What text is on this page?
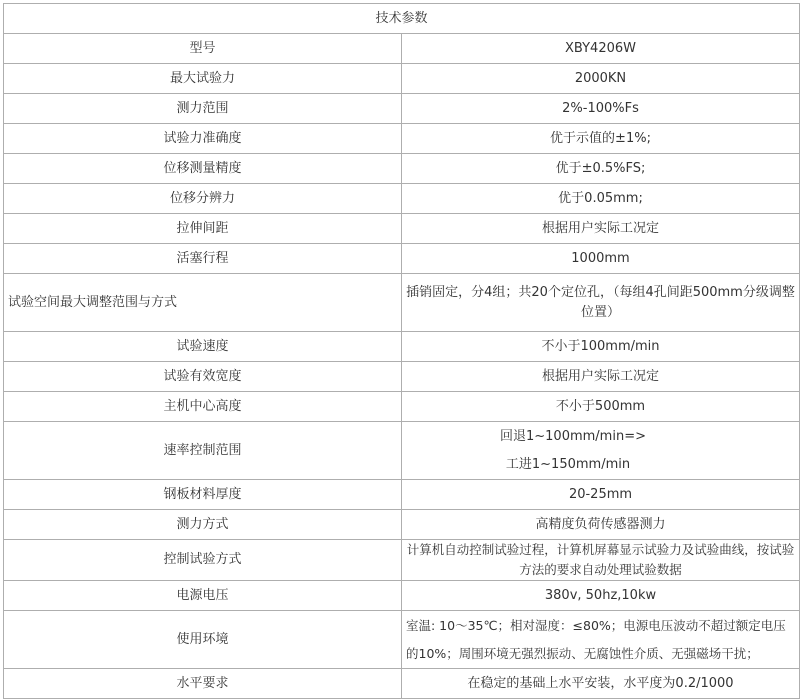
技术参数	
型号	XBY4206W
最大试验力	2000KN
测力范围	2%-100%Fs
试验力准确度	优于示值的±1%;
位移测量精度	优于±0.5%FS;
位移分辨力	优于0.05mm;
拉伸间距	根据用户实际工况定
活塞行程	1000mm
试验空间最大调整范围与方式	插销固定，分4组；共20个定位孔，（每组4孔间距500mm分级调整位置）
试验速度	不小于100mm/min
试验有效宽度	根据用户实际工况定
主机中心高度	不小于500mm
速率控制范围	回退1~100mm/min=>
工进1~150mm/min

钢板材料厚度	20-25mm
测力方式	高精度负荷传感器测力
控制试验方式	计算机自动控制试验过程，计算机屏幕显示试验力及试验曲线，按试验方法的要求自动处理试验数据
电源电压	380v, 50hz,10kw
使用环境	室温: 10～35℃；相对湿度：≤80%；电源电压波动不超过额定电压的10%；周围环境无强烈振动、无腐蚀性介质、无强磁场干扰；
水平要求	在稳定的基础上水平安装，水平度为0.2/1000
